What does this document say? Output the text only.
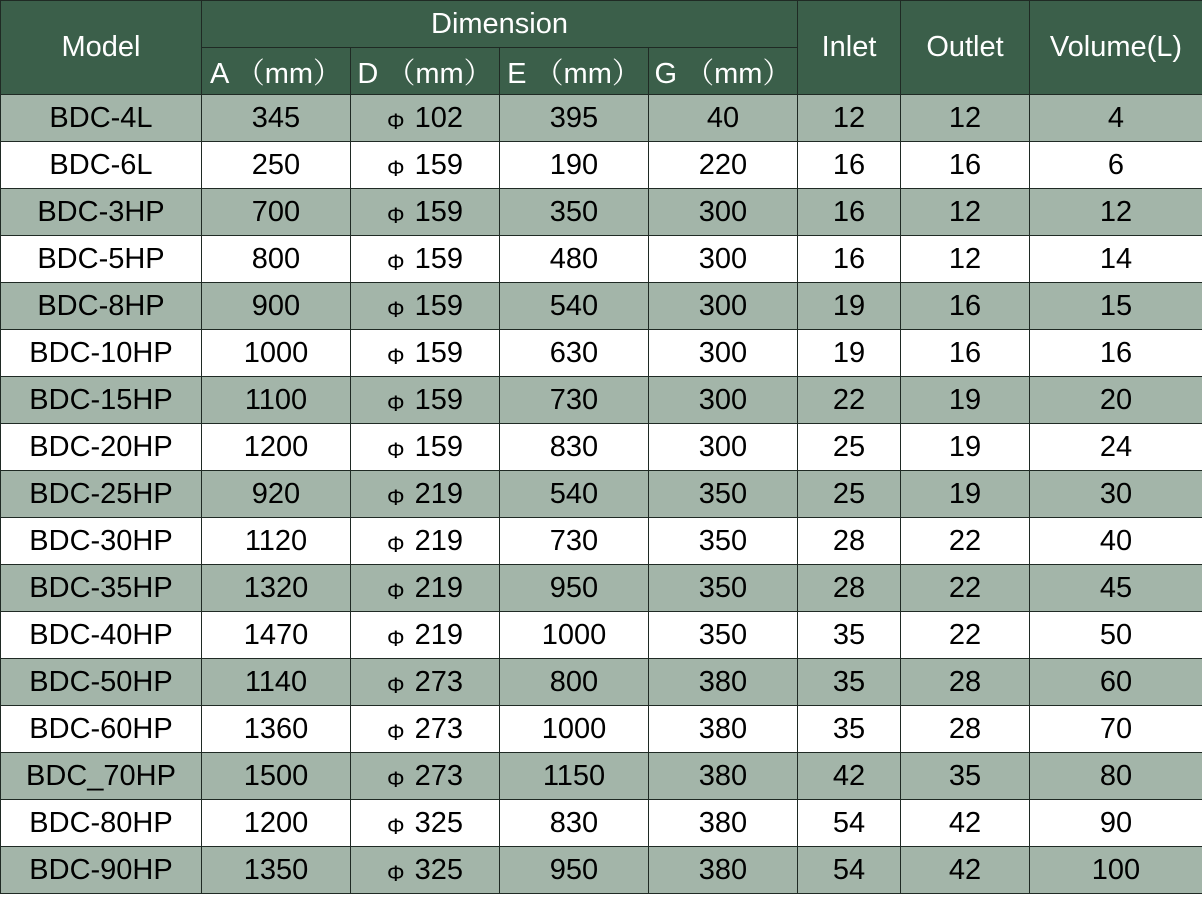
Model	Dimension				Inlet	Outlet	Volume(L)
	A （mm）	D （mm）	E （mm）	G （mm）			
BDC-4L	345	Φ 102	395	40	12	12	4
BDC-6L	250	Φ 159	190	220	16	16	6
BDC-3HP	700	Φ 159	350	300	16	12	12
BDC-5HP	800	Φ 159	480	300	16	12	14
BDC-8HP	900	Φ 159	540	300	19	16	15
BDC-10HP	1000	Φ 159	630	300	19	16	16
BDC-15HP	1100	Φ 159	730	300	22	19	20
BDC-20HP	1200	Φ 159	830	300	25	19	24
BDC-25HP	920	Φ 219	540	350	25	19	30
BDC-30HP	1120	Φ 219	730	350	28	22	40
BDC-35HP	1320	Φ 219	950	350	28	22	45
BDC-40HP	1470	Φ 219	1000	350	35	22	50
BDC-50HP	1140	Φ 273	800	380	35	28	60
BDC-60HP	1360	Φ 273	1000	380	35	28	70
BDC_70HP	1500	Φ 273	1150	380	42	35	80
BDC-80HP	1200	Φ 325	830	380	54	42	90
BDC-90HP	1350	Φ 325	950	380	54	42	100
